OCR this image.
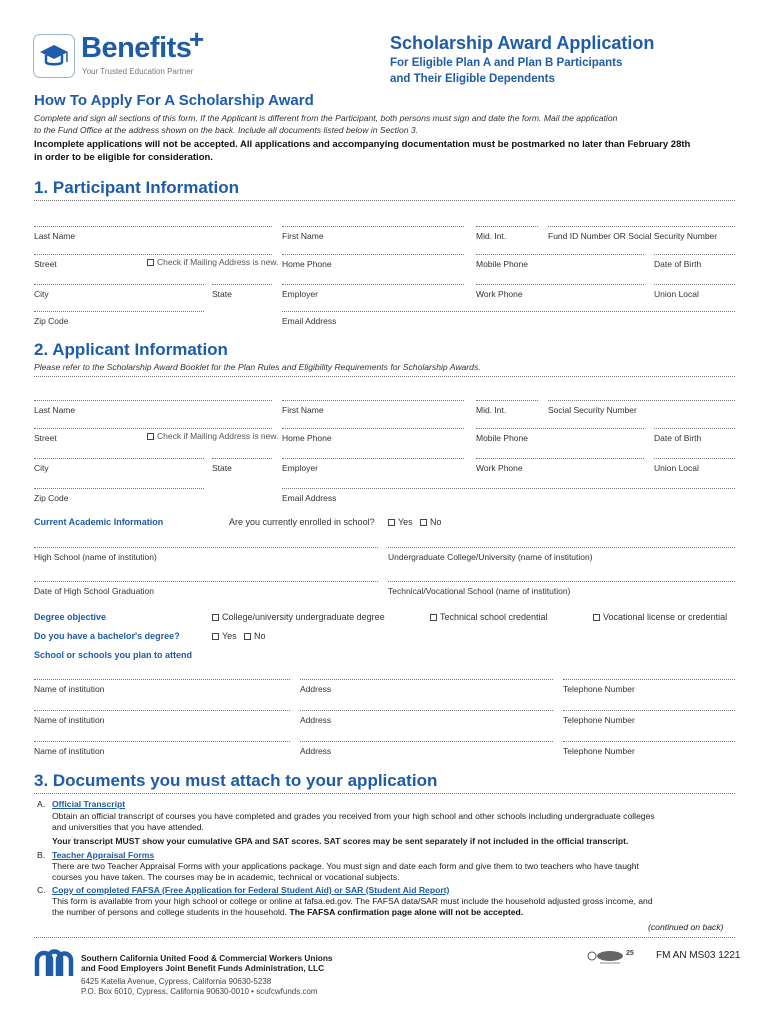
Benefits
+
Your Trusted Education Partner
Scholarship Award Application
For Eligible Plan A and Plan B Participants
and Their Eligible Dependents
How To Apply For A Scholarship Award
Complete and sign all sections of this form. If the Applicant is different from the Participant, both persons must sign and date the form. Mail the application
to the Fund Office at the address shown on the back. Include all documents listed below in Section 3.
Incomplete applications will not be accepted. All applications and accompanying documentation must be postmarked no later than February 28th
in order to be eligible for consideration.
1. Participant Information
Last Name	First Name	Mid. Int.	Fund ID Number OR Social Security Number
Street	Check if Mailing Address is new. Home Phone	Mobile Phone	Date of Birth
City	State	Employer	Work Phone	Union Local
Zip Code	Email Address
2. Applicant Information
Please refer to the Scholarship Award Booklet for the Plan Rules and Eligibility Requirements for Scholarship Awards.
Last Name	First Name	Mid. Int.	Social Security Number
Street	Check if Mailing Address is new. Home Phone	Mobile Phone	Date of Birth
City	State	Employer	Work Phone	Union Local
Zip Code	Email Address
Current Academic Information	Are you currently enrolled in school?	Yes	No
High School (name of institution)	Undergraduate College/University (name of institution)
Date of High School Graduation	Technical/Vocational School (name of institution)
Degree objective	College/university undergraduate degree	Technical school credential	Vocational license or credential
Do you have a bachelor's degree?	Yes	No
School or schools you plan to attend
Name of institution	Address	Telephone Number
Name of institution	Address	Telephone Number
Name of institution	Address	Telephone Number
3. Documents you must attach to your application
A. Official Transcript
Obtain an official transcript of courses you have completed and grades you received from your high school and other schools including undergraduate colleges
and universities that you have attended.
Your transcript MUST show your cumulative GPA and SAT scores. SAT scores may be sent separately if not included in the official transcript.
B. Teacher Appraisal Forms
There are two Teacher Appraisal Forms with your applications package. You must sign and date each form and give them to two teachers who have taught
courses you have taken. The courses may be in academic, technical or vocational subjects.
C. Copy of completed FAFSA (Free Application for Federal Student Aid) or SAR (Student Aid Report)
This form is available from your high school or college or online at fafsa.ed.gov. The FAFSA data/SAR must include the household adjusted gross income, and
the number of persons and college students in the household. The FAFSA confirmation page alone will not be accepted.
(continued on back)
Southern California United Food & Commercial Workers Unions
and Food Employers Joint Benefit Funds Administration, LLC
6425 Katella Avenue, Cypress, California 90630-5238
P.O. Box 6010, Cypress, California 90630-0010 • scufcwfunds.com
25 FM AN MS03 1221
